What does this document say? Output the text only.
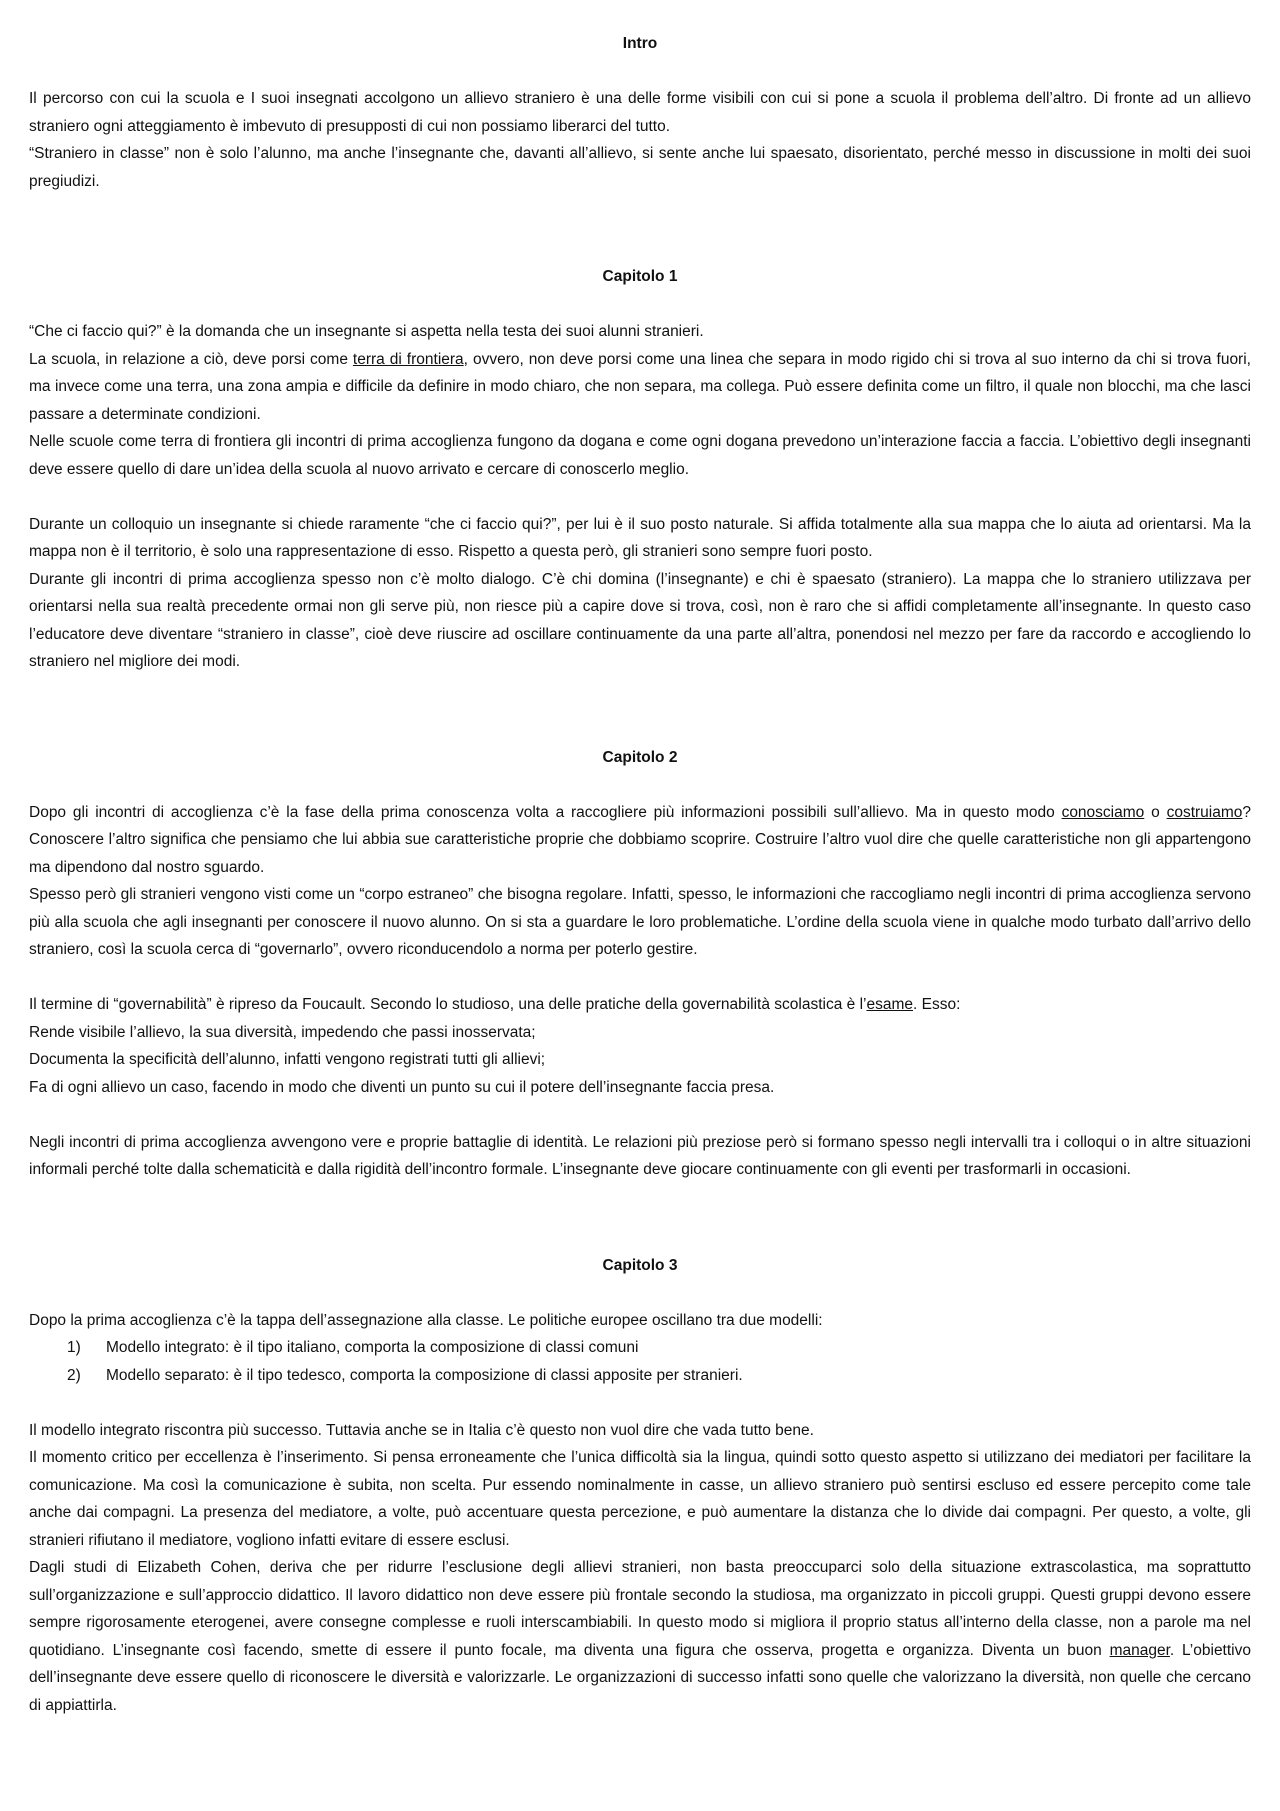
Intro

Il percorso con cui la scuola e I suoi insegnati accolgono un allievo straniero è una delle forme visibili con cui si pone a scuola il problema dell’altro. Di fronte ad un allievo straniero ogni atteggiamento è imbevuto di presupposti di cui non possiamo liberarci del tutto.

“Straniero in classe” non è solo l’alunno, ma anche l’insegnante che, davanti all’allievo, si sente anche lui spaesato, disorientato, perché messo in discussione in molti dei suoi pregiudizi.

Capitolo 1

“Che ci faccio qui?” è la domanda che un insegnante si aspetta nella testa dei suoi alunni stranieri.

La scuola, in relazione a ciò, deve porsi come terra di frontiera, ovvero, non deve porsi come una linea che separa in modo rigido chi si trova al suo interno da chi si trova fuori, ma invece come una terra, una zona ampia e difficile da definire in modo chiaro, che non separa, ma collega. Può essere definita come un filtro, il quale non blocchi, ma che lasci passare a determinate condizioni.

Nelle scuole come terra di frontiera gli incontri di prima accoglienza fungono da dogana e come ogni dogana prevedono un’interazione faccia a faccia. L’obiettivo degli insegnanti deve essere quello di dare un’idea della scuola al nuovo arrivato e cercare di conoscerlo meglio.

Durante un colloquio un insegnante si chiede raramente “che ci faccio qui?”, per lui è il suo posto naturale. Si affida totalmente alla sua mappa che lo aiuta ad orientarsi. Ma la mappa non è il territorio, è solo una rappresentazione di esso. Rispetto a questa però, gli stranieri sono sempre fuori posto.

Durante gli incontri di prima accoglienza spesso non c’è molto dialogo. C’è chi domina (l’insegnante) e chi è spaesato (straniero). La mappa che lo straniero utilizzava per orientarsi nella sua realtà precedente ormai non gli serve più, non riesce più a capire dove si trova, così, non è raro che si affidi completamente all’insegnante. In questo caso l’educatore deve diventare “straniero in classe”, cioè deve riuscire ad oscillare continuamente da una parte all’altra, ponendosi nel mezzo per fare da raccordo e accogliendo lo straniero nel migliore dei modi.

Capitolo 2

Dopo gli incontri di accoglienza c’è la fase della prima conoscenza volta a raccogliere più informazioni possibili sull’allievo. Ma in questo modo conosciamo o costruiamo? Conoscere l’altro significa che pensiamo che lui abbia sue caratteristiche proprie che dobbiamo scoprire. Costruire l’altro vuol dire che quelle caratteristiche non gli appartengono ma dipendono dal nostro sguardo.

Spesso però gli stranieri vengono visti come un “corpo estraneo” che bisogna regolare. Infatti, spesso, le informazioni che raccogliamo negli incontri di prima accoglienza servono più alla scuola che agli insegnanti per conoscere il nuovo alunno. On si sta a guardare le loro problematiche. L’ordine della scuola viene in qualche modo turbato dall’arrivo dello straniero, così la scuola cerca di “governarlo”, ovvero riconducendolo a norma per poterlo gestire.

Il termine di “governabilità” è ripreso da Foucault. Secondo lo studioso, una delle pratiche della governabilità scolastica è l’esame. Esso:

Rende visibile l’allievo, la sua diversità, impedendo che passi inosservata;

Documenta la specificità dell’alunno, infatti vengono registrati tutti gli allievi;

Fa di ogni allievo un caso, facendo in modo che diventi un punto su cui il potere dell’insegnante faccia presa.

Negli incontri di prima accoglienza avvengono vere e proprie battaglie di identità. Le relazioni più preziose però si formano spesso negli intervalli tra i colloqui o in altre situazioni informali perché tolte dalla schematicità e dalla rigidità dell’incontro formale. L’insegnante deve giocare continuamente con gli eventi per trasformarli in occasioni.

Capitolo 3

Dopo la prima accoglienza c’è la tappa dell’assegnazione alla classe. Le politiche europee oscillano tra due modelli:

1) Modello integrato: è il tipo italiano, comporta la composizione di classi comuni
2) Modello separato: è il tipo tedesco, comporta la composizione di classi apposite per stranieri.

Il modello integrato riscontra più successo. Tuttavia anche se in Italia c’è questo non vuol dire che vada tutto bene.

Il momento critico per eccellenza è l’inserimento. Si pensa erroneamente che l’unica difficoltà sia la lingua, quindi sotto questo aspetto si utilizzano dei mediatori per facilitare la comunicazione. Ma così la comunicazione è subita, non scelta. Pur essendo nominalmente in casse, un allievo straniero può sentirsi escluso ed essere percepito come tale anche dai compagni. La presenza del mediatore, a volte, può accentuare questa percezione, e può aumentare la distanza che lo divide dai compagni. Per questo, a volte, gli stranieri rifiutano il mediatore, vogliono infatti evitare di essere esclusi.

Dagli studi di Elizabeth Cohen, deriva che per ridurre l’esclusione degli allievi stranieri, non basta preoccuparci solo della situazione extrascolastica, ma soprattutto sull’organizzazione e sull’approccio didattico. Il lavoro didattico non deve essere più frontale secondo la studiosa, ma organizzato in piccoli gruppi. Questi gruppi devono essere sempre rigorosamente eterogenei, avere consegne complesse e ruoli interscambiabili. In questo modo si migliora il proprio status all’interno della classe, non a parole ma nel quotidiano. L’insegnante così facendo, smette di essere il punto focale, ma diventa una figura che osserva, progetta e organizza. Diventa un buon manager. L’obiettivo dell’insegnante deve essere quello di riconoscere le diversità e valorizzarle. Le organizzazioni di successo infatti sono quelle che valorizzano la diversità, non quelle che cercano di appiattirla.
